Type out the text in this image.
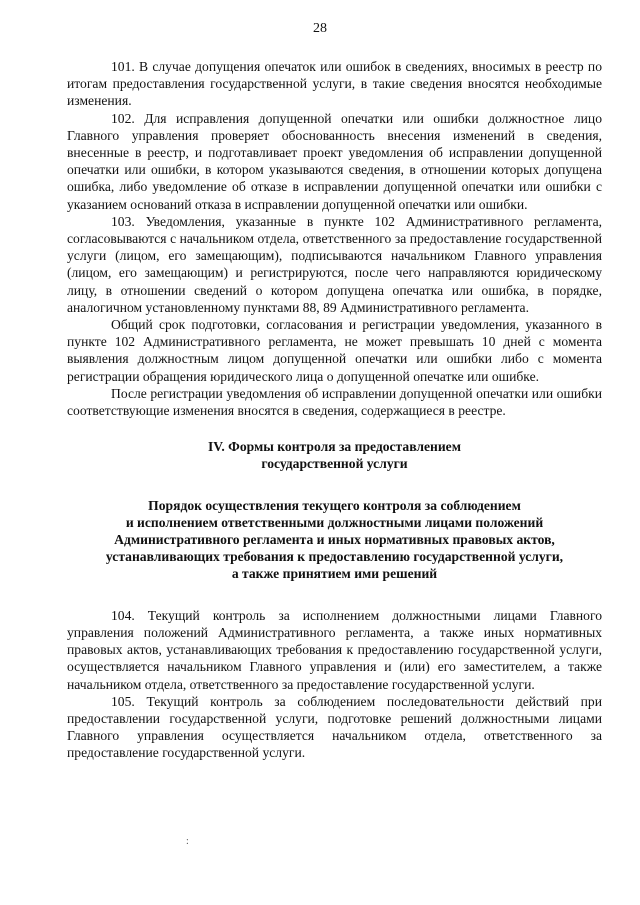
28

101. В случае допущения опечаток или ошибок в сведениях, вносимых в реестр по итогам предоставления государственной услуги, в такие сведения вносятся необходимые изменения.

102. Для исправления допущенной опечатки или ошибки должностное лицо Главного управления проверяет обоснованность внесения изменений в сведения, внесенные в реестр, и подготавливает проект уведомления об исправлении допущенной опечатки или ошибки, в котором указываются сведения, в отношении которых допущена ошибка, либо уведомление об отказе в исправлении допущенной опечатки или ошибки с указанием оснований отказа в исправлении допущенной опечатки или ошибки.

103. Уведомления, указанные в пункте 102 Административного регламента, согласовываются с начальником отдела, ответственного за предоставление государственной услуги (лицом, его замещающим), подписываются начальником Главного управления (лицом, его замещающим) и регистрируются, после чего направляются юридическому лицу, в отношении сведений о котором допущена опечатка или ошибка, в порядке, аналогичном установленному пунктами 88, 89 Административного регламента.

Общий срок подготовки, согласования и регистрации уведомления, указанного в пункте 102 Административного регламента, не может превышать 10 дней с момента выявления должностным лицом допущенной опечатки или ошибки либо с момента регистрации обращения юридического лица о допущенной опечатке или ошибке.

После регистрации уведомления об исправлении допущенной опечатки или ошибки соответствующие изменения вносятся в сведения, содержащиеся в реестре.

IV. Формы контроля за предоставлением
государственной услуги
Порядок осуществления текущего контроля за соблюдением
и исполнением ответственными должностными лицами положений
Административного регламента и иных нормативных правовых актов,
устанавливающих требования к предоставлению государственной услуги,
а также принятием ими решений

104. Текущий контроль за исполнением должностными лицами Главного управления положений Административного регламента, а также иных нормативных правовых актов, устанавливающих требования к предоставлению государственной услуги, осуществляется начальником Главного управления и (или) его заместителем, а также начальником отдела, ответственного за предоставление государственной услуги.

105. Текущий контроль за соблюдением последовательности действий при предоставлении государственной услуги, подготовке решений должностными лицами Главного управления осуществляется начальником отдела, ответственного за предоставление государственной услуги.

:
